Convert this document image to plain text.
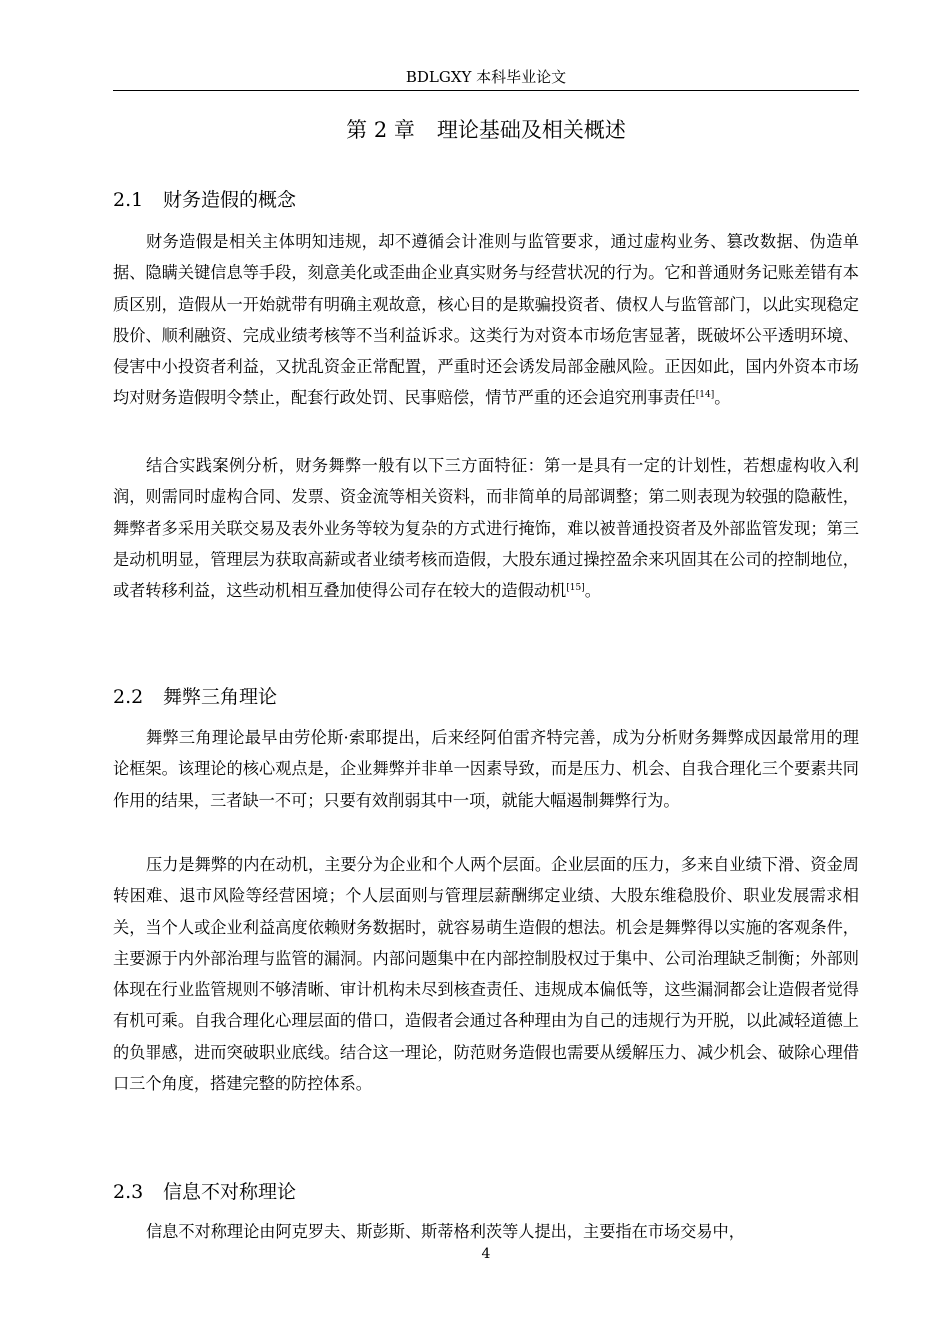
BDLGXY 本科毕业论文
第 2 章 理论基础及相关概述
2.1 财务造假的概念

财务造假是相关主体明知违规，却不遵循会计准则与监管要求，通过虚构业务、篡改数据、伪造单据、隐瞒关键信息等手段，刻意美化或歪曲企业真实财务与经营状况的行为。它和普通财务记账差错有本质区别，造假从一开始就带有明确主观故意，核心目的是欺骗投资者、债权人与监管部门，以此实现稳定股价、顺利融资、完成业绩考核等不当利益诉求。这类行为对资本市场危害显著，既破坏公平透明环境、侵害中小投资者利益，又扰乱资金正常配置，严重时还会诱发局部金融风险。正因如此，国内外资本市场均对财务造假明令禁止，配套行政处罚、民事赔偿，情节严重的还会追究刑事责任[14]。

结合实践案例分析，财务舞弊一般有以下三方面特征：第一是具有一定的计划性，若想虚构收入利润，则需同时虚构合同、发票、资金流等相关资料，而非简单的局部调整；第二则表现为较强的隐蔽性，舞弊者多采用关联交易及表外业务等较为复杂的方式进行掩饰，难以被普通投资者及外部监管发现；第三是动机明显，管理层为获取高薪或者业绩考核而造假，大股东通过操控盈余来巩固其在公司的控制地位，或者转移利益，这些动机相互叠加使得公司存在较大的造假动机[15]。

2.2 舞弊三角理论

舞弊三角理论最早由劳伦斯·索耶提出，后来经阿伯雷齐特完善，成为分析财务舞弊成因最常用的理论框架。该理论的核心观点是，企业舞弊并非单一因素导致，而是压力、机会、自我合理化三个要素共同作用的结果，三者缺一不可；只要有效削弱其中一项，就能大幅遏制舞弊行为。

压力是舞弊的内在动机，主要分为企业和个人两个层面。企业层面的压力，多来自业绩下滑、资金周转困难、退市风险等经营困境；个人层面则与管理层薪酬绑定业绩、大股东维稳股价、职业发展需求相关，当个人或企业利益高度依赖财务数据时，就容易萌生造假的想法。机会是舞弊得以实施的客观条件，主要源于内外部治理与监管的漏洞。内部问题集中在内部控制股权过于集中、公司治理缺乏制衡；外部则体现在行业监管规则不够清晰、审计机构未尽到核查责任、违规成本偏低等，这些漏洞都会让造假者觉得有机可乘。自我合理化心理层面的借口，造假者会通过各种理由为自己的违规行为开脱，以此减轻道德上的负罪感，进而突破职业底线。结合这一理论，防范财务造假也需要从缓解压力、减少机会、破除心理借口三个角度，搭建完整的防控体系。

2.3 信息不对称理论

信息不对称理论由阿克罗夫、斯彭斯、斯蒂格利茨等人提出，主要指在市场交易中，

4
